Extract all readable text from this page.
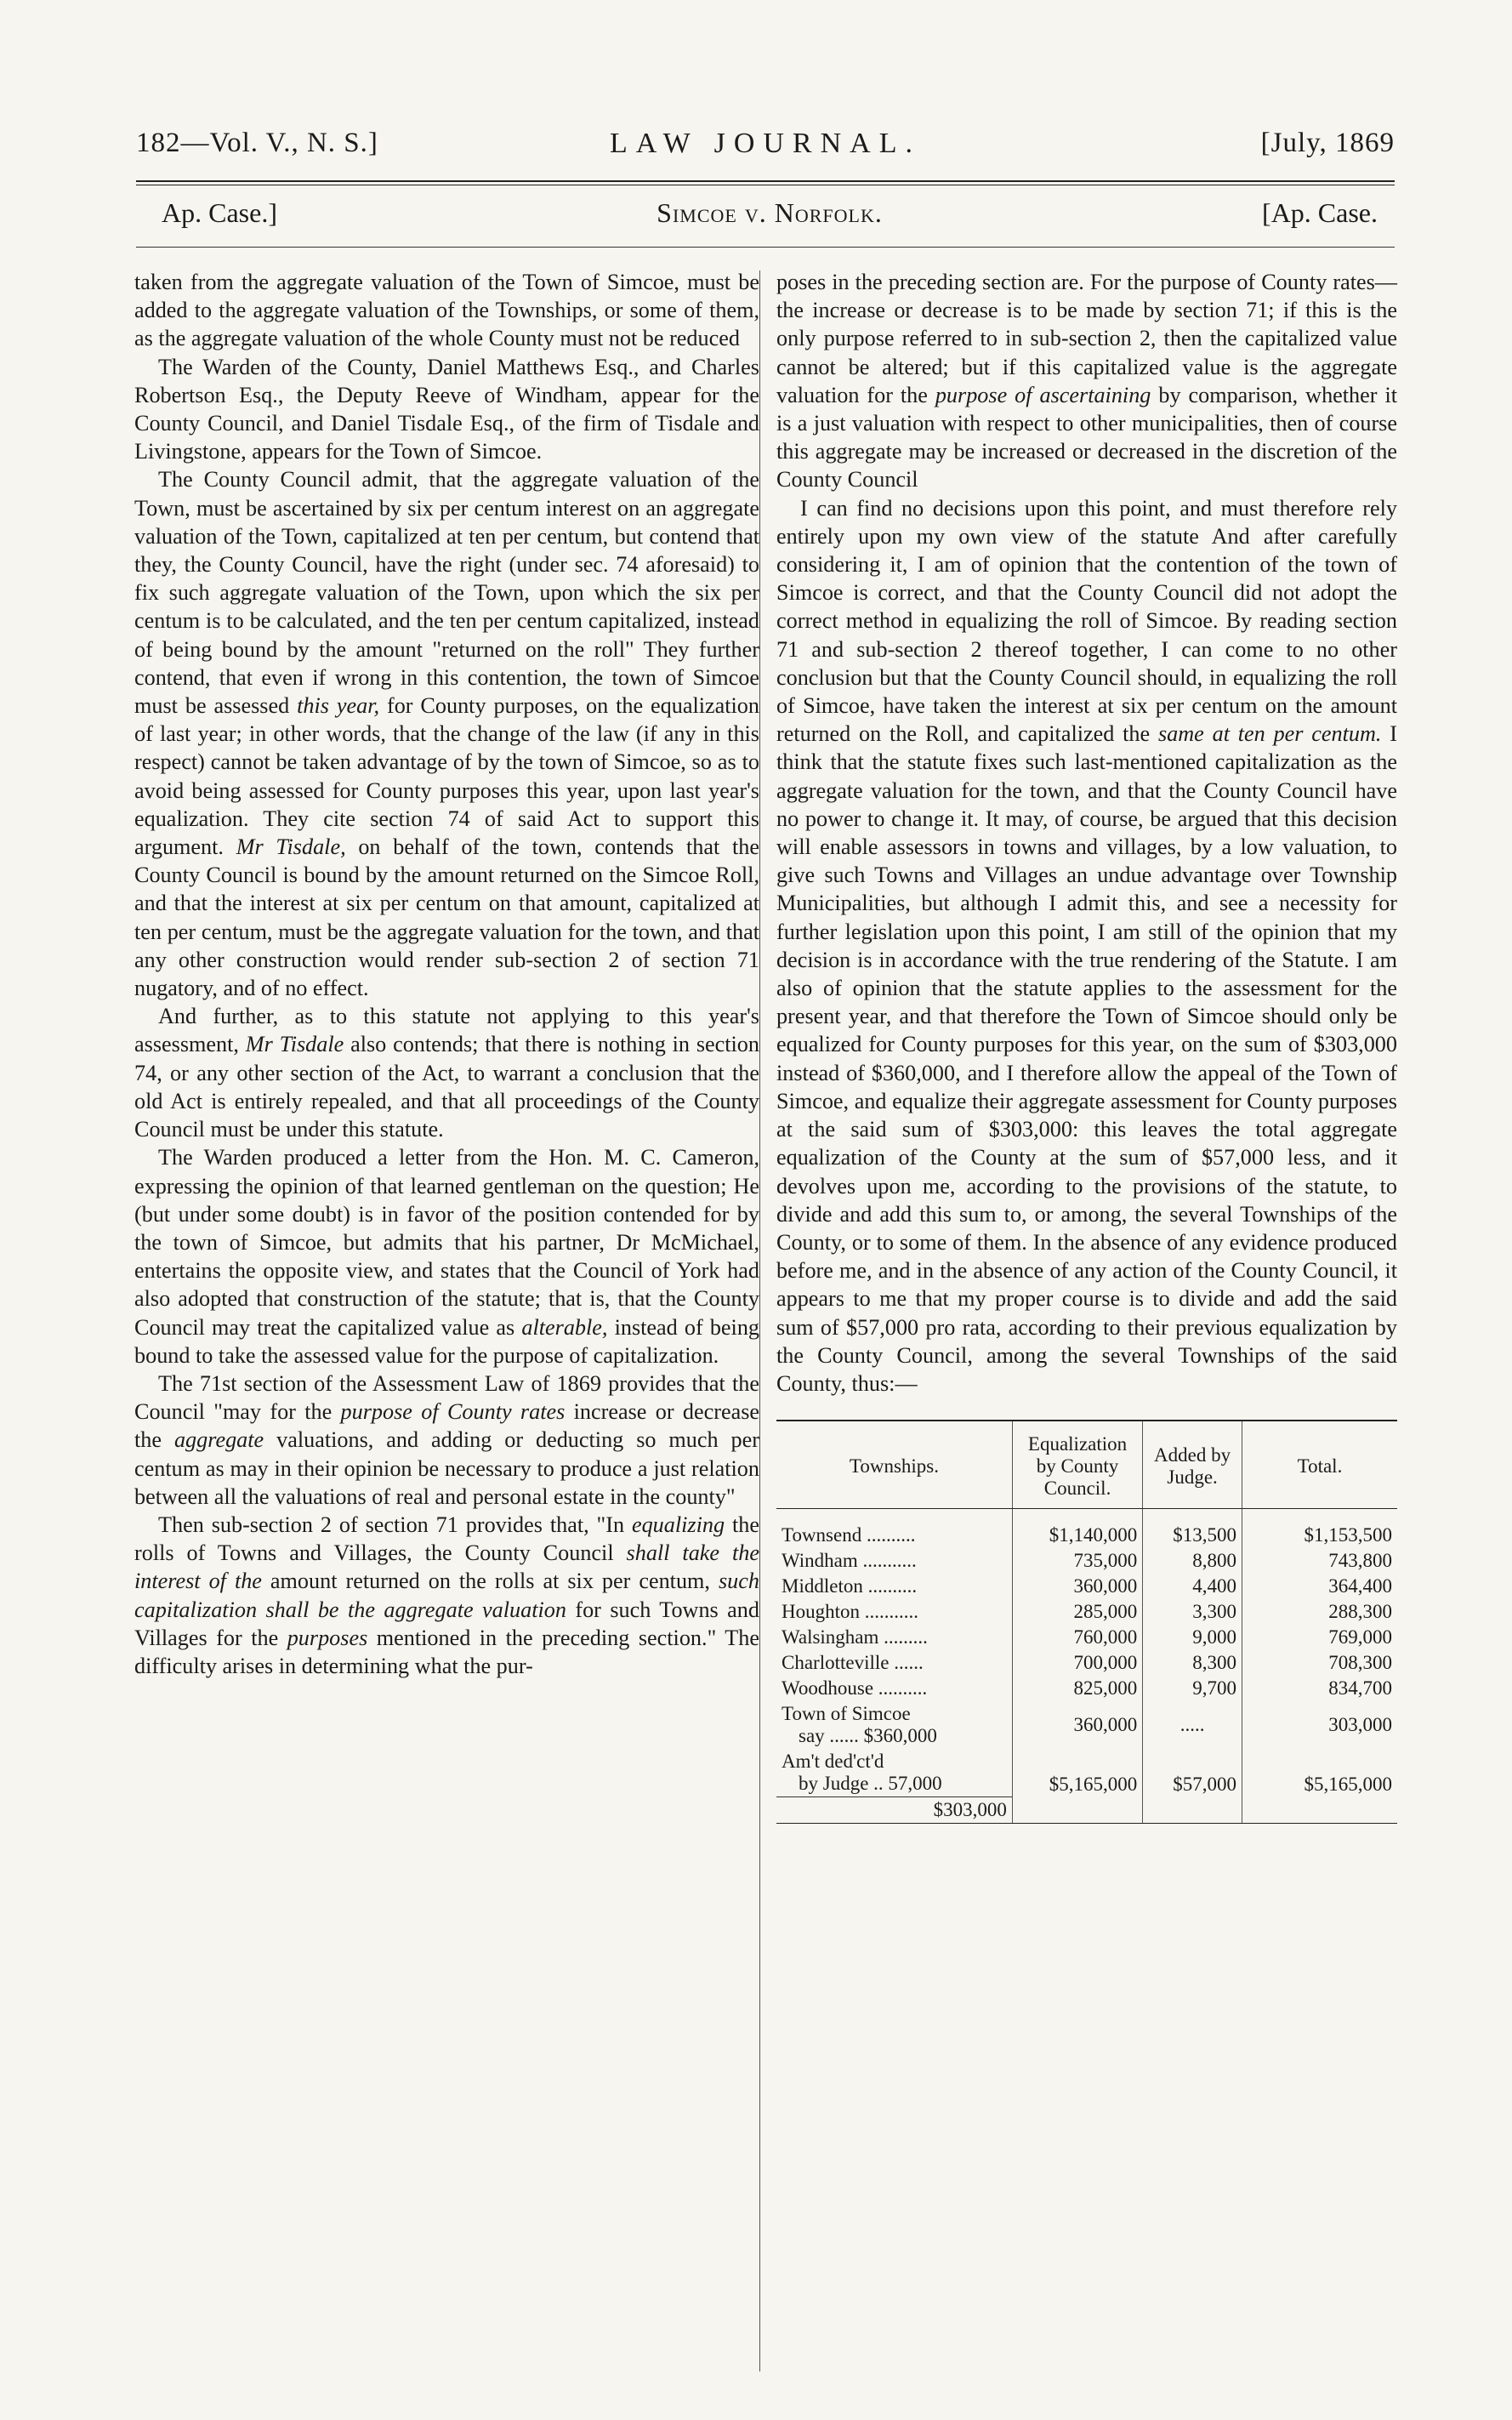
182—Vol. V., N. S.]	LAW JOURNAL.	[July, 1869
Ap. Case.]	Simcoe v. Norfolk.	[Ap. Case.

taken from the aggregate valuation of the Town of Simcoe, must be added to the aggregate valuation of the Townships, or some of them, as the aggregate valuation of the whole County must not be reduced

The Warden of the County, Daniel Matthews Esq., and Charles Robertson Esq., the Deputy Reeve of Windham, appear for the County Council, and Daniel Tisdale Esq., of the firm of Tisdale and Livingstone, appears for the Town of Simcoe.

The County Council admit, that the aggregate valuation of the Town, must be ascertained by six per centum interest on an aggregate valuation of the Town, capitalized at ten per centum, but contend that they, the County Council, have the right (under sec. 74 aforesaid) to fix such aggregate valuation of the Town, upon which the six per centum is to be calculated, and the ten per centum capitalized, instead of being bound by the amount "returned on the roll" They further contend, that even if wrong in this contention, the town of Simcoe must be assessed this year, for County purposes, on the equalization of last year; in other words, that the change of the law (if any in this respect) cannot be taken advantage of by the town of Simcoe, so as to avoid being assessed for County purposes this year, upon last year's equalization. They cite section 74 of said Act to support this argument. Mr Tisdale, on behalf of the town, contends that the County Council is bound by the amount returned on the Simcoe Roll, and that the interest at six per centum on that amount, capitalized at ten per centum, must be the aggregate valuation for the town, and that any other construction would render sub-section 2 of section 71 nugatory, and of no effect.

And further, as to this statute not applying to this year's assessment, Mr Tisdale also contends; that there is nothing in section 74, or any other section of the Act, to warrant a conclusion that the old Act is entirely repealed, and that all proceedings of the County Council must be under this statute.

The Warden produced a letter from the Hon. M. C. Cameron, expressing the opinion of that learned gentleman on the question; He (but under some doubt) is in favor of the position contended for by the town of Simcoe, but admits that his partner, Dr McMichael, entertains the opposite view, and states that the Council of York had also adopted that construction of the statute; that is, that the County Council may treat the capitalized value as alterable, instead of being bound to take the assessed value for the purpose of capitalization.

The 71st section of the Assessment Law of 1869 provides that the Council "may for the purpose of County rates increase or decrease the aggregate valuations, and adding or deducting so much per centum as may in their opinion be necessary to produce a just relation between all the valuations of real and personal estate in the county"

Then sub-section 2 of section 71 provides that, "In equalizing the rolls of Towns and Villages, the County Council shall take the interest of the amount returned on the rolls at six per centum, such capitalization shall be the aggregate valuation for such Towns and Villages for the purposes mentioned in the preceding section." The difficulty arises in determining what the pur-

poses in the preceding section are. For the purpose of County rates—the increase or decrease is to be made by section 71; if this is the only purpose referred to in sub-section 2, then the capitalized value cannot be altered; but if this capitalized value is the aggregate valuation for the purpose of ascertaining by comparison, whether it is a just valuation with respect to other municipalities, then of course this aggregate may be increased or decreased in the discretion of the County Council

I can find no decisions upon this point, and must therefore rely entirely upon my own view of the statute And after carefully considering it, I am of opinion that the contention of the town of Simcoe is correct, and that the County Council did not adopt the correct method in equalizing the roll of Simcoe. By reading section 71 and sub-section 2 thereof together, I can come to no other conclusion but that the County Council should, in equalizing the roll of Simcoe, have taken the interest at six per centum on the amount returned on the Roll, and capitalized the same at ten per centum. I think that the statute fixes such last-mentioned capitalization as the aggregate valuation for the town, and that the County Council have no power to change it. It may, of course, be argued that this decision will enable assessors in towns and villages, by a low valuation, to give such Towns and Villages an undue advantage over Township Municipalities, but although I admit this, and see a necessity for further legislation upon this point, I am still of the opinion that my decision is in accordance with the true rendering of the Statute. I am also of opinion that the statute applies to the assessment for the present year, and that therefore the Town of Simcoe should only be equalized for County purposes for this year, on the sum of $303,000 instead of $360,000, and I therefore allow the appeal of the Town of Simcoe, and equalize their aggregate assessment for County purposes at the said sum of $303,000: this leaves the total aggregate equalization of the County at the sum of $57,000 less, and it devolves upon me, according to the provisions of the statute, to divide and add this sum to, or among, the several Townships of the County, or to some of them. In the absence of any evidence produced before me, and in the absence of any action of the County Council, it appears to me that my proper course is to divide and add the said sum of $57,000 pro rata, according to their previous equalization by the County Council, among the several Townships of the said County, thus:—

Townships.	Equalization by County Council.	Added by Judge.	Total.
Townsend ..........	$1,140,000	$13,500	$1,153,500
Windham ...........	735,000	8,800	743,800
Middleton ..........	360,000	4,400	364,400
Houghton ...........	285,000	3,300	288,300
Walsingham .........	760,000	9,000	769,000
Charlotteville ......	700,000	8,300	708,300
Woodhouse ..........	825,000	9,700	834,700
Town of Simcoe
say ...... $360,000	360,000	.....	303,000
Am't ded'ct'd
by Judge .. 57,000	$5,165,000	$57,000	$5,165,000
$303,000			
